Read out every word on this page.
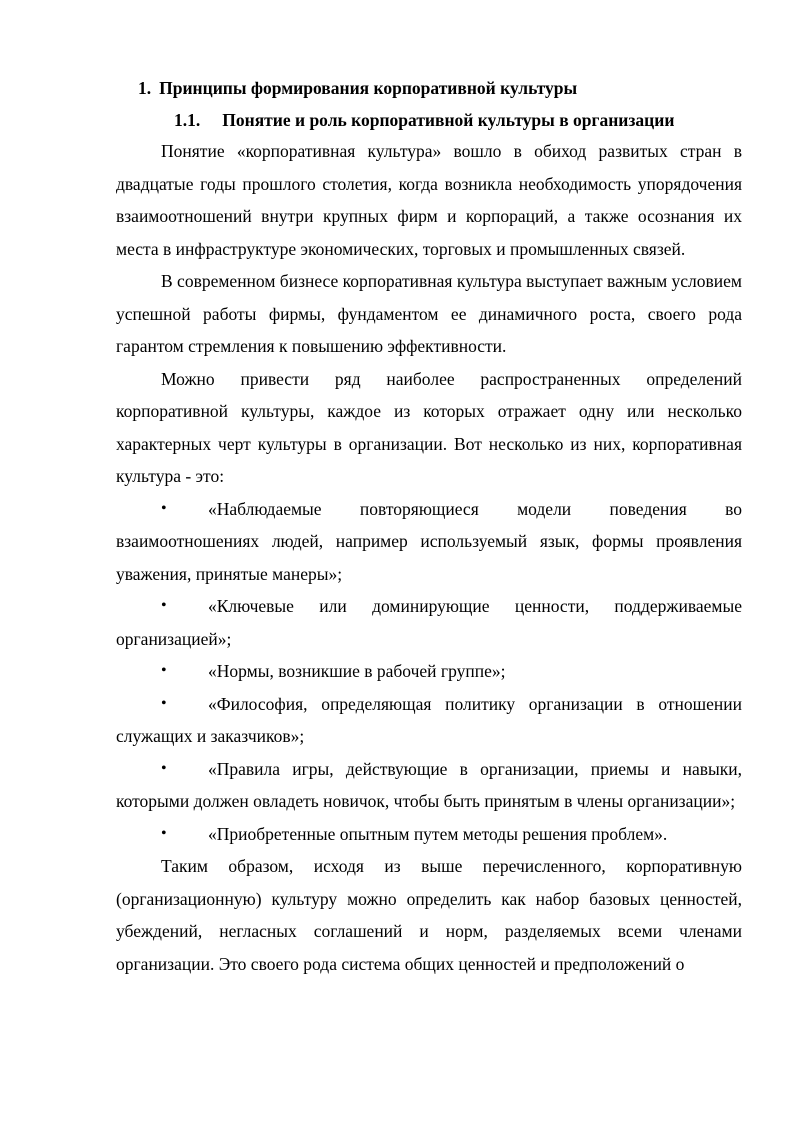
1. Принципы формирования корпоративной культуры
1.1. Понятие и роль корпоративной культуры в организации

Понятие «корпоративная культура» вошло в обиход развитых стран в двадцатые годы прошлого столетия, когда возникла необходимость упорядочения взаимоотношений внутри крупных фирм и корпораций, а также осознания их места в инфраструктуре экономических, торговых и промышленных связей.

В современном бизнесе корпоративная культура выступает важным условием успешной работы фирмы, фундаментом ее динамичного роста, своего рода гарантом стремления к повышению эффективности.

Можно привести ряд наиболее распространенных определений корпоративной культуры, каждое из которых отражает одну или несколько характерных черт культуры в организации. Вот несколько из них, корпоративная культура - это:

• «Наблюдаемые повторяющиеся модели поведения во взаимоотношениях людей, например используемый язык, формы проявления уважения, принятые манеры»;

• «Ключевые или доминирующие ценности, поддерживаемые организацией»;

• «Нормы, возникшие в рабочей группе»;

• «Философия, определяющая политику организации в отношении служащих и заказчиков»;

• «Правила игры, действующие в организации, приемы и навыки, которыми должен овладеть новичок, чтобы быть принятым в члены организации»;

• «Приобретенные опытным путем методы решения проблем».

Таким образом, исходя из выше перечисленного, корпоративную (организационную) культуру можно определить как набор базовых ценностей, убеждений, негласных соглашений и норм, разделяемых всеми членами организации. Это своего рода система общих ценностей и предположений о
